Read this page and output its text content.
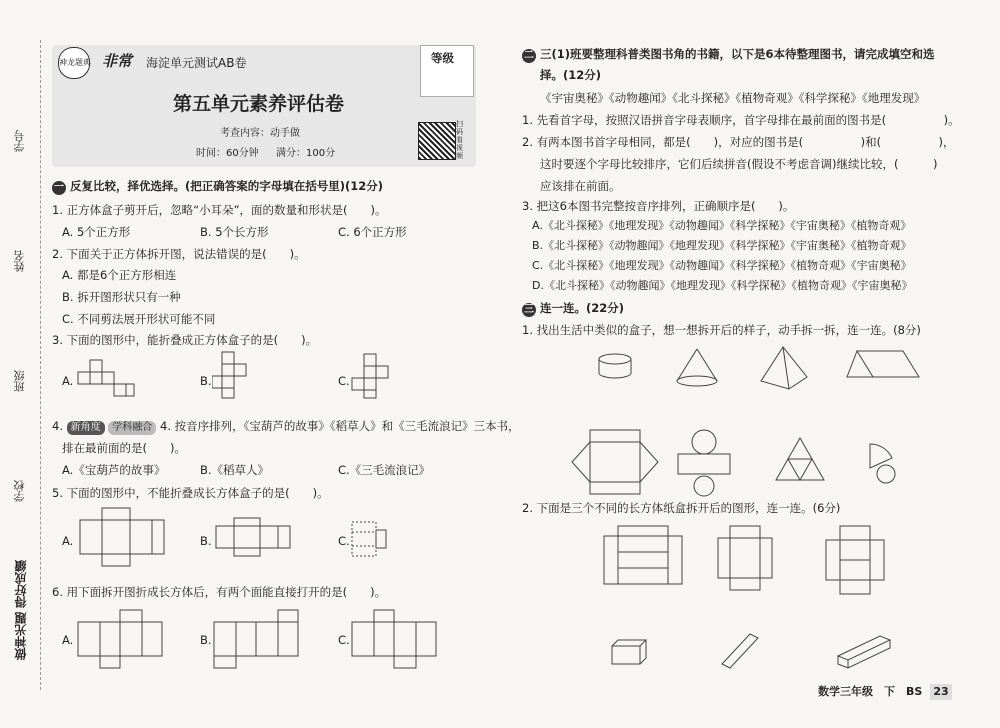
学号
姓名
班级
学校
做神光題 得好成績
神龙题典 非常 海淀单元测试AB卷	等级
第五单元素养评估卷
考查内容：动手做
时间：60分钟 满分：100分
扫码看视频
一 反复比较，择优选择。(把正确答案的字母填在括号里)(12分)
1. 正方体盒子剪开后，忽略“小耳朵”，面的数量和形状是(　　)。
A. 5个正方形	B. 5个长方形	C. 6个正方形
2. 下面关于正方体拆开图，说法错误的是(　　)。
A. 都是6个正方形相连
B. 拆开图形状只有一种
C. 不同剪法展开形状可能不同
3. 下面的图形中，能折叠成正方体盒子的是(　　)。
A.	B.	C.
4. 新角度 学科融合 4. 按音序排列，《宝葫芦的故事》《稻草人》和《三毛流浪记》三本书，
排在最前面的是(　　)。
A.《宝葫芦的故事》	B.《稻草人》	C.《三毛流浪记》
5. 下面的图形中，不能折叠成长方体盒子的是(　　)。
A.	B.	C.
6. 用下面拆开图折成长方体后，有两个面能直接打开的是(　　)。
A.	B.	C.
二 三(1)班要整理科普类图书角的书籍，以下是6本待整理图书，请完成填空和选
择。(12分)
《宇宙奥秘》《动物趣闻》《北斗探秘》《植物奇观》《科学探秘》《地理发现》
1. 先看首字母，按照汉语拼音字母表顺序，首字母排在最前面的图书是(　　　　　)。
2. 有两本图书首字母相同，都是(　　)，对应的图书是(　　　　　)和(　　　　　)，
这时要逐个字母比较排序，它们后续拼音(假设不考虑音调)继续比较，(　　　)
应该排在前面。
3. 把这6本图书完整按音序排列，正确顺序是(　　)。
A.《北斗探秘》《地理发现》《动物趣闻》《科学探秘》《宇宙奥秘》《植物奇观》
B.《北斗探秘》《动物趣闻》《地理发现》《科学探秘》《宇宙奥秘》《植物奇观》
C.《北斗探秘》《地理发现》《动物趣闻》《科学探秘》《植物奇观》《宇宙奥秘》
D.《北斗探秘》《动物趣闻》《地理发现》《科学探秘》《植物奇观》《宇宙奥秘》
三 连一连。(22分)
1. 找出生活中类似的盒子，想一想拆开后的样子，动手拆一拆，连一连。(8分)
2. 下面是三个不同的长方体纸盒拆开后的图形，连一连。(6分)
数学三年级　下　BS	23
